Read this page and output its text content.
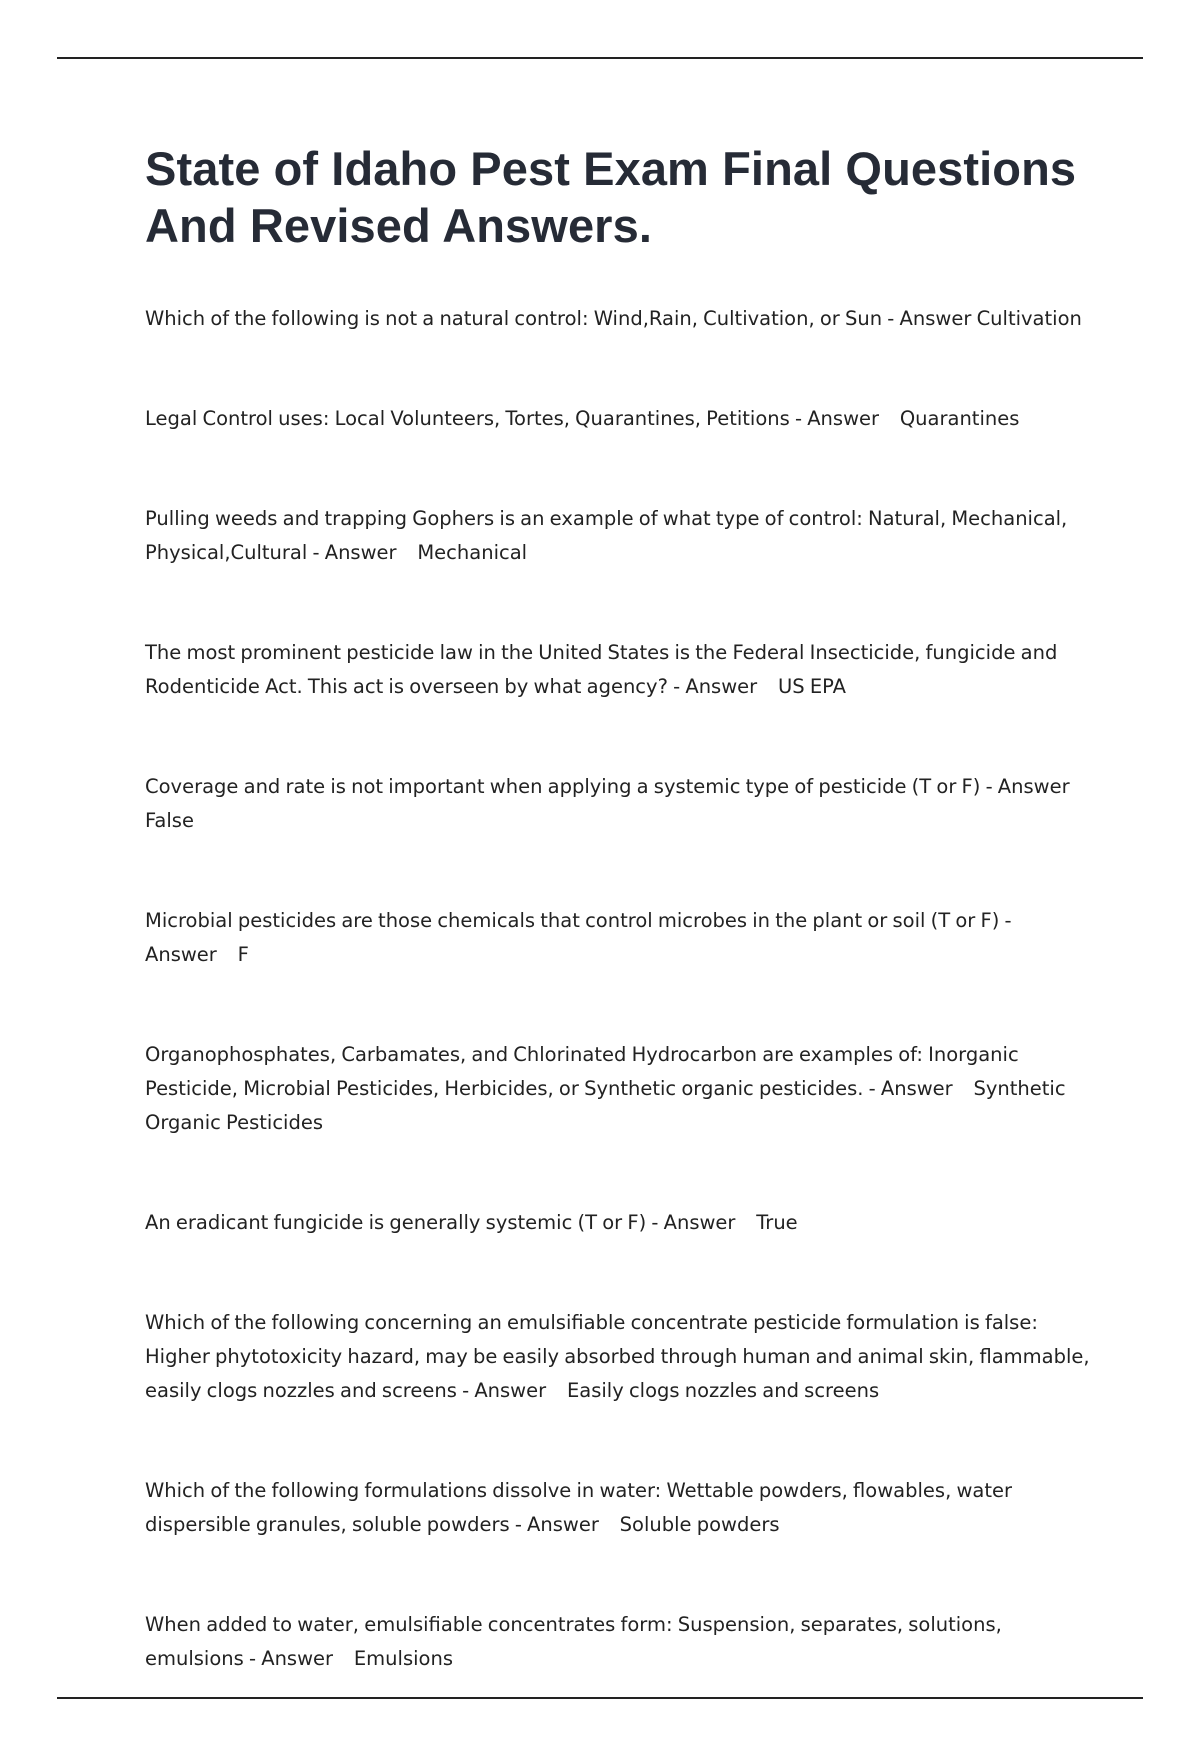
State of Idaho Pest Exam Final Questions And Revised Answers.

Which of the following is not a natural control: Wind,Rain, Cultivation, or Sun - Answer Cultivation

Legal Control uses: Local Volunteers, Tortes, Quarantines, Petitions - Answer Quarantines

Pulling weeds and trapping Gophers is an example of what type of control: Natural, Mechanical, Physical,Cultural - Answer Mechanical

The most prominent pesticide law in the United States is the Federal Insecticide, fungicide and Rodenticide Act. This act is overseen by what agency? - Answer US EPA

Coverage and rate is not important when applying a systemic type of pesticide (T or F) - Answer False

Microbial pesticides are those chemicals that control microbes in the plant or soil (T or F) - Answer F

Organophosphates, Carbamates, and Chlorinated Hydrocarbon are examples of: Inorganic Pesticide, Microbial Pesticides, Herbicides, or Synthetic organic pesticides. - Answer Synthetic Organic Pesticides

An eradicant fungicide is generally systemic (T or F) - Answer True

Which of the following concerning an emulsifiable concentrate pesticide formulation is false: Higher phytotoxicity hazard, may be easily absorbed through human and animal skin, flammable, easily clogs nozzles and screens - Answer Easily clogs nozzles and screens

Which of the following formulations dissolve in water: Wettable powders, flowables, water dispersible granules, soluble powders - Answer Soluble powders

When added to water, emulsifiable concentrates form: Suspension, separates, solutions, emulsions - Answer Emulsions
